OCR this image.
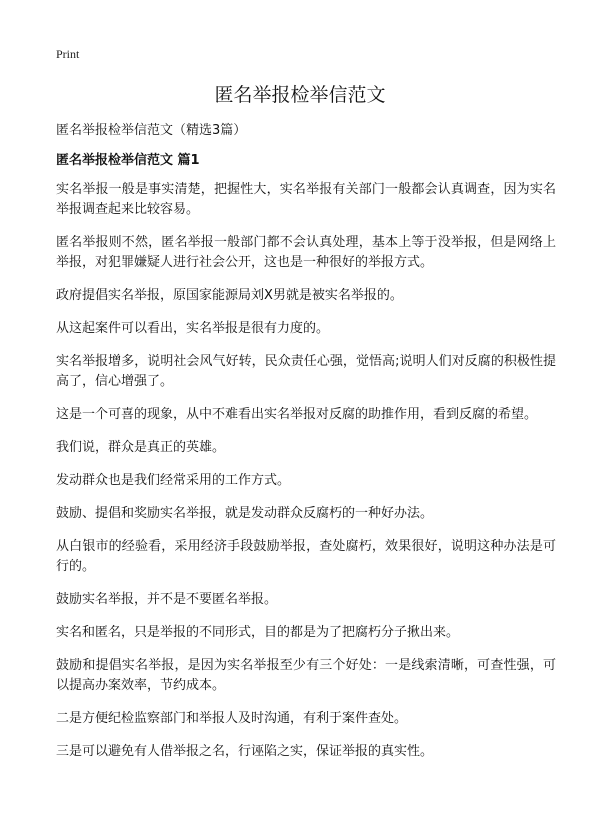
Print
匿名举报检举信范文

匿名举报检举信范文（精选3篇）

匿名举报检举信范文 篇1

实名举报一般是事实清楚，把握性大，实名举报有关部门一般都会认真调查，因为实名举报调查起来比较容易。

匿名举报则不然，匿名举报一般部门都不会认真处理，基本上等于没举报，但是网络上举报，对犯罪嫌疑人进行社会公开，这也是一种很好的举报方式。

政府提倡实名举报，原国家能源局刘X男就是被实名举报的。

从这起案件可以看出，实名举报是很有力度的。

实名举报增多，说明社会风气好转，民众责任心强，觉悟高;说明人们对反腐的积极性提高了，信心增强了。

这是一个可喜的现象，从中不难看出实名举报对反腐的助推作用，看到反腐的希望。

我们说，群众是真正的英雄。

发动群众也是我们经常采用的工作方式。

鼓励、提倡和奖励实名举报，就是发动群众反腐朽的一种好办法。

从白银市的经验看，采用经济手段鼓励举报，查处腐朽，效果很好，说明这种办法是可行的。

鼓励实名举报，并不是不要匿名举报。

实名和匿名，只是举报的不同形式，目的都是为了把腐朽分子揪出来。

鼓励和提倡实名举报，是因为实名举报至少有三个好处：一是线索清晰，可查性强，可以提高办案效率，节约成本。

二是方便纪检监察部门和举报人及时沟通，有利于案件查处。

三是可以避免有人借举报之名，行诬陷之实，保证举报的真实性。
